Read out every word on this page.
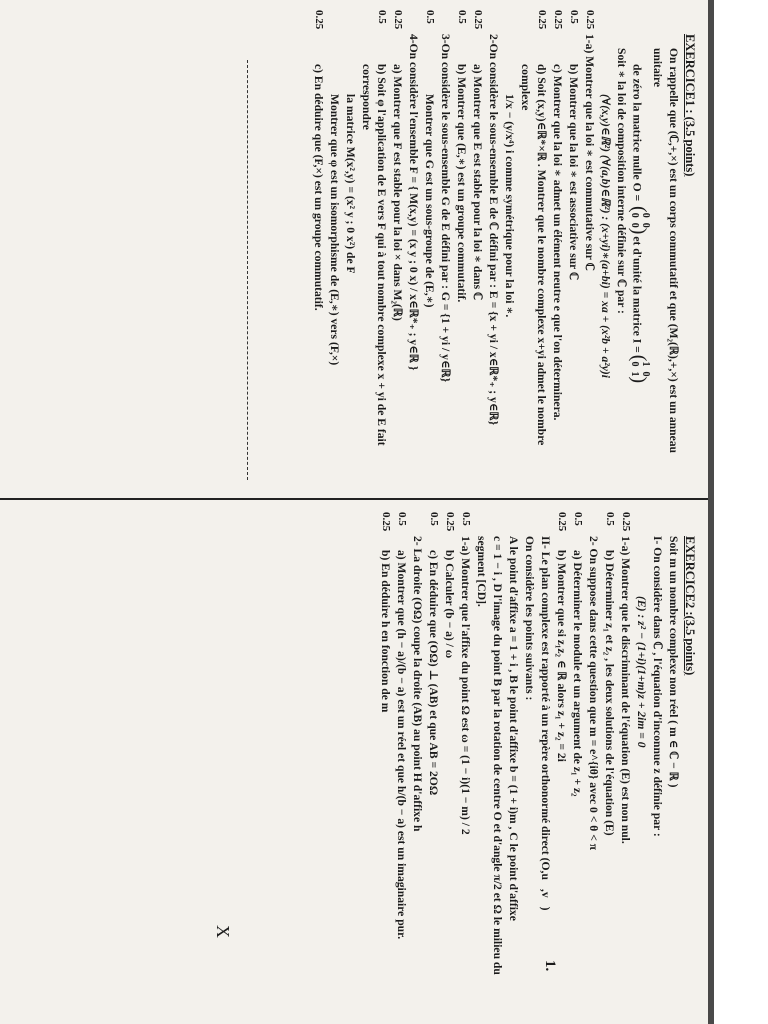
EXERCICE1 : (3.5 points)
On rappelle que (ℂ,+,×) est un corps commutatif et que (M₂(ℝ),+,×) est un anneau unitaire
de zéro la matrice nulle O =
(
0
0
0
0
)
et d'unité la matrice I =
(
1
0
0
1
)
Soit ∗ la loi de composition interne définie sur ℂ par :
(∀(x,y)∈ℝ²) (∀(a,b)∈ℝ²) : (x+yi)∗(a+bi) = xa + (x²b + a²y)i
0.25
1-a) Montrer que la loi ∗ est commutative sur ℂ
0.5
b) Montrer que la loi ∗ est associative sur ℂ
0.25
c) Montrer que la loi ∗ admet un élément neutre e que l'on déterminera.
0.25
d) Soit (x,y)∈ℝ*×ℝ . Montrer que le nombre complexe x+yi admet le nombre complexe
1/x − (y/x⁴) i comme symétrique pour la loi ∗.
2-On considère le sous-ensemble E de ℂ défini par : E = {x + yi / x∈ℝ*₊ ; y∈ℝ}
0.25
a) Montrer que E est stable pour la loi ∗ dans ℂ
0.5
b) Montrer que (E,∗) est un groupe commutatif.
3-On considère le sous-ensemble G de E défini par : G = {1 + yi / y∈ℝ}
0.5
Montrer que G est un sous-groupe de (E,∗)
4-On considère l'ensemble F = { M(x,y) = (x y ; 0 x) / x∈ℝ*₊ ; y∈ℝ }
0.25
a) Montrer que F est stable pour la loi × dans M₂(ℝ)
0.5
b) Soit φ l'application de E vers F qui à tout nombre complexe x + yi de E fait correspondre
la matrice M(x²,y) = (x² y ; 0 x²) de F
Montrer que φ est un isomorphisme de (E,∗) vers (F,×)
0.25
c) En déduire que (F,×) est un groupe commutatif.
EXERCICE2 :(3.5 points)
Soit m un nombre complexe non réel ( m ∈ ℂ − ℝ )
I- On considère dans ℂ , l'équation d'inconnue z définie par :
(E) : z² − (1+i)(1+m)z + 2im = 0
0.25
1-a) Montrer que le discriminant de l'équation (E) est non nul.
0.5
b) Déterminer z₁ et z₂ , les deux solutions de l'équation (E)
2- On suppose dans cette question que m = e^{iθ} avec 0 < θ < π
0.5
a) Déterminer le module et un argument de z₁ + z₂
0.25
b) Montrer que si z₁z₂ ∈ ℝ alors z₁ + z₂ = 2i
II- Le plan complexe est rapporté à un repère orthonormé direct (O,u⃗,v⃗)
On considère les points suivants :
A le point d'affixe a = 1 + i , B le point d'affixe b = (1 + i)m , C le point d'affixe
c = 1 − i , D l'image du point B par la rotation de centre O et d'angle π/2 et Ω le milieu du
segment [CD].
0.5
1-a) Montrer que l'affixe du point Ω est ω = (1 − i)(1 − m) / 2
0.25
b) Calculer (b − a) / ω
0.5
c) En déduire que (OΩ) ⊥ (AB) et que AB = 2OΩ
2- La droite (OΩ) coupe la droite (AB) au point H d'affixe h
0.5
a) Montrer que (h − a)/(b − a) est un réel et que h/(b − a) est un imaginaire pur.
0.25
b) En déduire h en fonction de m
1.
X
